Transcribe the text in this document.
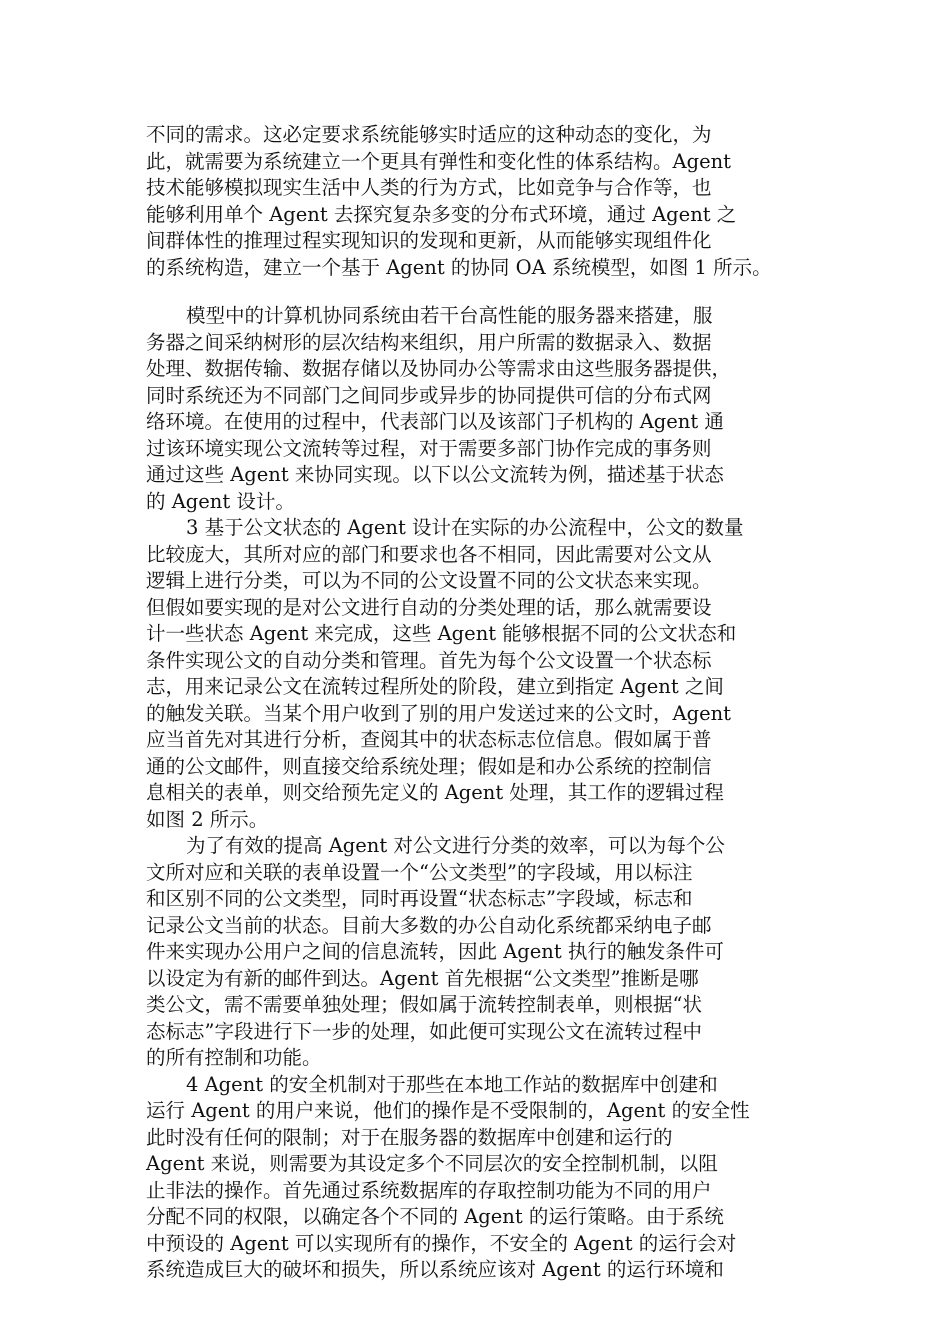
不同的需求。这必定要求系统能够实时适应的这种动态的变化，为
此，就需要为系统建立一个更具有弹性和变化性的体系结构。Agent
技术能够模拟现实生活中人类的行为方式，比如竞争与合作等，也
能够利用单个 Agent 去探究复杂多变的分布式环境，通过 Agent 之
间群体性的推理过程实现知识的发现和更新，从而能够实现组件化
的系统构造，建立一个基于 Agent 的协同 OA 系统模型，如图 1 所示。
模型中的计算机协同系统由若干台高性能的服务器来搭建，服
务器之间采纳树形的层次结构来组织，用户所需的数据录入、数据
处理、数据传输、数据存储以及协同办公等需求由这些服务器提供，
同时系统还为不同部门之间同步或异步的协同提供可信的分布式网
络环境。在使用的过程中，代表部门以及该部门子机构的 Agent 通
过该环境实现公文流转等过程，对于需要多部门协作完成的事务则
通过这些 Agent 来协同实现。以下以公文流转为例，描述基于状态
的 Agent 设计。
3 基于公文状态的 Agent 设计在实际的办公流程中，公文的数量
比较庞大，其所对应的部门和要求也各不相同，因此需要对公文从
逻辑上进行分类，可以为不同的公文设置不同的公文状态来实现。
但假如要实现的是对公文进行自动的分类处理的话，那么就需要设
计一些状态 Agent 来完成，这些 Agent 能够根据不同的公文状态和
条件实现公文的自动分类和管理。首先为每个公文设置一个状态标
志，用来记录公文在流转过程所处的阶段，建立到指定 Agent 之间
的触发关联。当某个用户收到了别的用户发送过来的公文时，Agent
应当首先对其进行分析，查阅其中的状态标志位信息。假如属于普
通的公文邮件，则直接交给系统处理；假如是和办公系统的控制信
息相关的表单，则交给预先定义的 Agent 处理，其工作的逻辑过程
如图 2 所示。
为了有效的提高 Agent 对公文进行分类的效率，可以为每个公
文所对应和关联的表单设置一个“公文类型”的字段域，用以标注
和区别不同的公文类型，同时再设置“状态标志”字段域，标志和
记录公文当前的状态。目前大多数的办公自动化系统都采纳电子邮
件来实现办公用户之间的信息流转，因此 Agent 执行的触发条件可
以设定为有新的邮件到达。Agent 首先根据“公文类型”推断是哪
类公文，需不需要单独处理；假如属于流转控制表单，则根据“状
态标志”字段进行下一步的处理，如此便可实现公文在流转过程中
的所有控制和功能。
4 Agent 的安全机制对于那些在本地工作站的数据库中创建和
运行 Agent 的用户来说，他们的操作是不受限制的，Agent 的安全性
此时没有任何的限制；对于在服务器的数据库中创建和运行的
Agent 来说，则需要为其设定多个不同层次的安全控制机制，以阻
止非法的操作。首先通过系统数据库的存取控制功能为不同的用户
分配不同的权限，以确定各个不同的 Agent 的运行策略。由于系统
中预设的 Agent 可以实现所有的操作，不安全的 Agent 的运行会对
系统造成巨大的破坏和损失，所以系统应该对 Agent 的运行环境和
